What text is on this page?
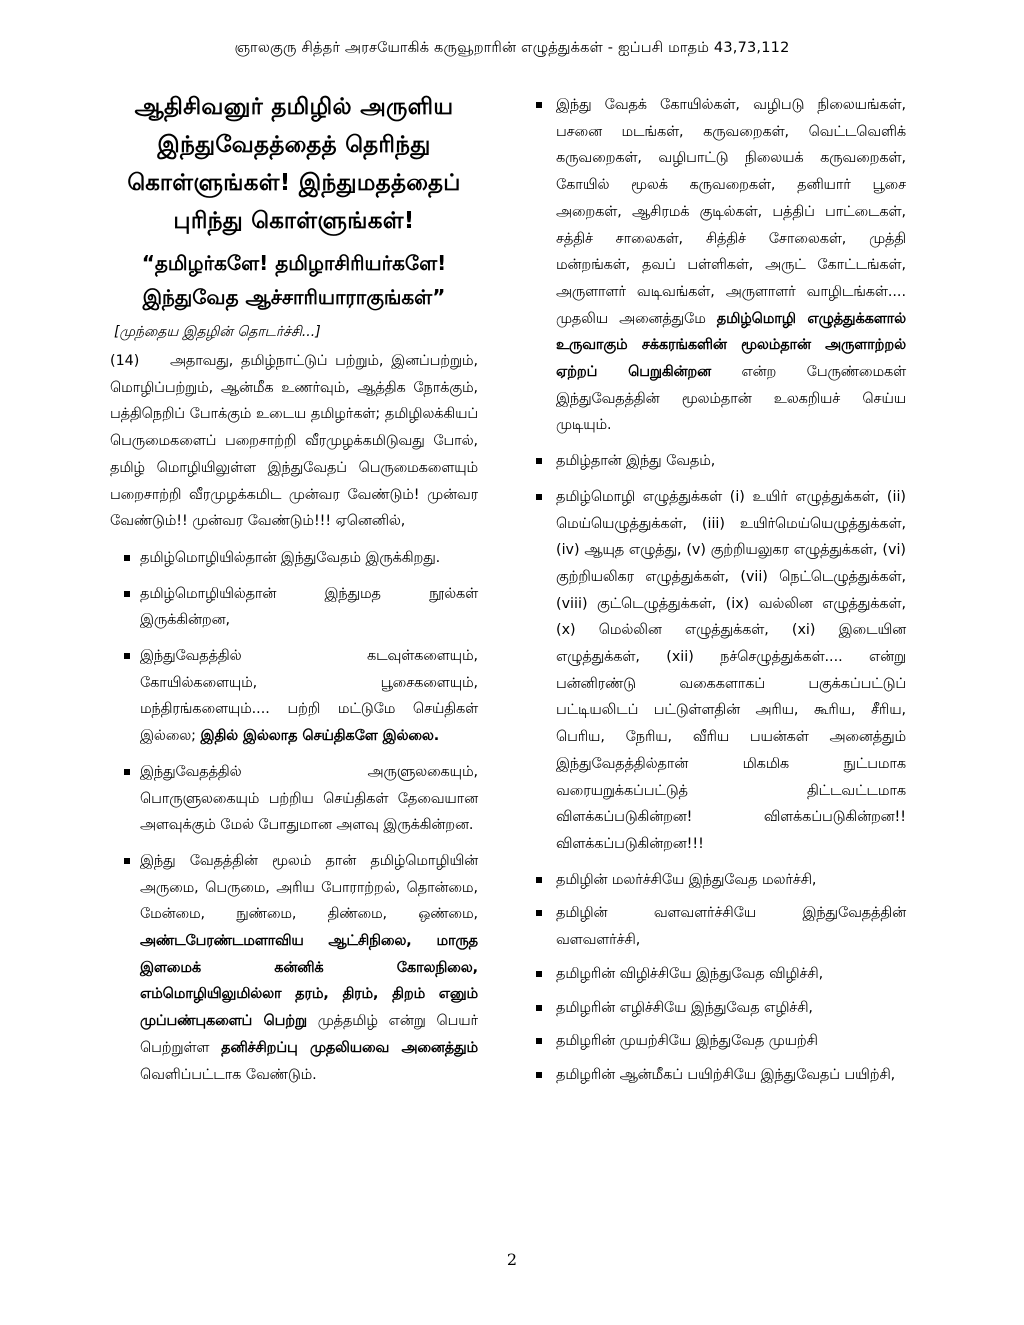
ஞாலகுரு சித்தர் அரசயோகிக் கருவூறாரின் எழுத்துக்கள் - ஐப்பசி மாதம் 43,73,112

ஆதிசிவனுர் தமிழில் அருளிய

இந்துவேதத்தைத் தெரிந்து

கொள்ளுங்கள்! இந்துமதத்தைப்

புரிந்து கொள்ளுங்கள்!

“தமிழர்களே! தமிழாசிரியர்களே!

இந்துவேத ஆச்சாரியாராகுங்கள்”

[முந்தைய இதழின் தொடர்ச்சி...]

(14) அதாவது, தமிழ்நாட்டுப் பற்றும், இனப்பற்றும், மொழிப்பற்றும், ஆன்மீக உணர்வும், ஆத்திக நோக்கும், பத்திநெறிப் போக்கும் உடைய தமிழர்கள்; தமிழிலக்கியப் பெருமைகளைப் பறைசாற்றி வீரமுழக்கமிடுவது போல், தமிழ் மொழியிலுள்ள இந்துவேதப் பெருமைகளையும் பறைசாற்றி வீரமுழக்கமிட முன்வர வேண்டும்! முன்வர வேண்டும்!! முன்வர வேண்டும்!!! ஏனெனில்,

தமிழ்மொழியில்தான் இந்துவேதம் இருக்கிறது.
தமிழ்மொழியில்தான் இந்துமத நூல்கள் இருக்கின்றன,
இந்துவேதத்தில் கடவுள்களையும், கோயில்களையும், பூசைகளையும், மந்திரங்களையும்.... பற்றி மட்டுமே செய்திகள் இல்லை; இதில் இல்லாத செய்திகளே இல்லை.
இந்துவேதத்தில் அருளுலகையும், பொருளுலகையும் பற்றிய செய்திகள் தேவையான அளவுக்கும் மேல் போதுமான அளவு இருக்கின்றன.
இந்து வேதத்தின் மூலம் தான் தமிழ்மொழியின் அருமை, பெருமை, அரிய போராற்றல், தொன்மை, மேன்மை, நுண்மை, திண்மை, ஒண்மை, அண்டபேரண்டமளாவிய ஆட்சிநிலை, மாருத இளமைக் கன்னிக் கோலநிலை, எம்மொழியிலுமில்லா தரம், திரம், திறம் எனும் முப்பண்புகளைப் பெற்று முத்தமிழ் என்று பெயர் பெற்றுள்ள தனிச்சிறப்பு முதலியவை அனைத்தும் வெளிப்பட்டாக வேண்டும்.
இந்து வேதக் கோயில்கள், வழிபடு நிலையங்கள், பசனை மடங்கள், கருவறைகள், வெட்டவெளிக் கருவறைகள், வழிபாட்டு நிலையக் கருவறைகள், கோயில் மூலக் கருவறைகள், தனியார் பூசை அறைகள், ஆசிரமக் குடில்கள், பத்திப் பாட்டைகள், சத்திச் சாலைகள், சித்திச் சோலைகள், முத்தி மன்றங்கள், தவப் பள்ளிகள், அருட் கோட்டங்கள், அருளாளர் வடிவங்கள், அருளாளர் வாழிடங்கள்.... முதலிய அனைத்துமே தமிழ்மொழி எழுத்துக்களால் உருவாகும் சக்கரங்களின் மூலம்தான் அருளாற்றல் ஏற்றப் பெறுகின்றன என்ற பேருண்மைகள் இந்துவேதத்தின் மூலம்தான் உலகறியச் செய்ய முடியும்.
தமிழ்தான் இந்து வேதம்,
தமிழ்மொழி எழுத்துக்கள் (i) உயிர் எழுத்துக்கள், (ii) மெய்யெழுத்துக்கள், (iii) உயிர்மெய்யெழுத்துக்கள், (iv) ஆயுத எழுத்து, (v) குற்றியலுகர எழுத்துக்கள், (vi) குற்றியலிகர எழுத்துக்கள், (vii) நெட்டெழுத்துக்கள், (viii) குட்டெழுத்துக்கள், (ix) வல்லின எழுத்துக்கள், (x) மெல்லின எழுத்துக்கள், (xi) இடையின எழுத்துக்கள், (xii) நச்செழுத்துக்கள்.... என்று பன்னிரண்டு வகைகளாகப் பகுக்கப்பட்டுப் பட்டியலிடப் பட்டுள்ளதின் அரிய, கூரிய, சீரிய, பெரிய, நேரிய, வீரிய பயன்கள் அனைத்தும் இந்துவேதத்தில்தான் மிகமிக நுட்பமாக வரையறுக்கப்பட்டுத் திட்டவட்டமாக விளக்கப்படுகின்றன! விளக்கப்படுகின்றன!! விளக்கப்படுகின்றன!!!
தமிழின் மலர்ச்சியே இந்துவேத மலர்ச்சி,
தமிழின் வளவளர்ச்சியே இந்துவேதத்தின் வளவளர்ச்சி,
தமிழரின் விழிச்சியே இந்துவேத விழிச்சி,
தமிழரின் எழிச்சியே இந்துவேத எழிச்சி,
தமிழரின் முயற்சியே இந்துவேத முயற்சி
தமிழரின் ஆன்மீகப் பயிற்சியே இந்துவேதப் பயிற்சி,
2
